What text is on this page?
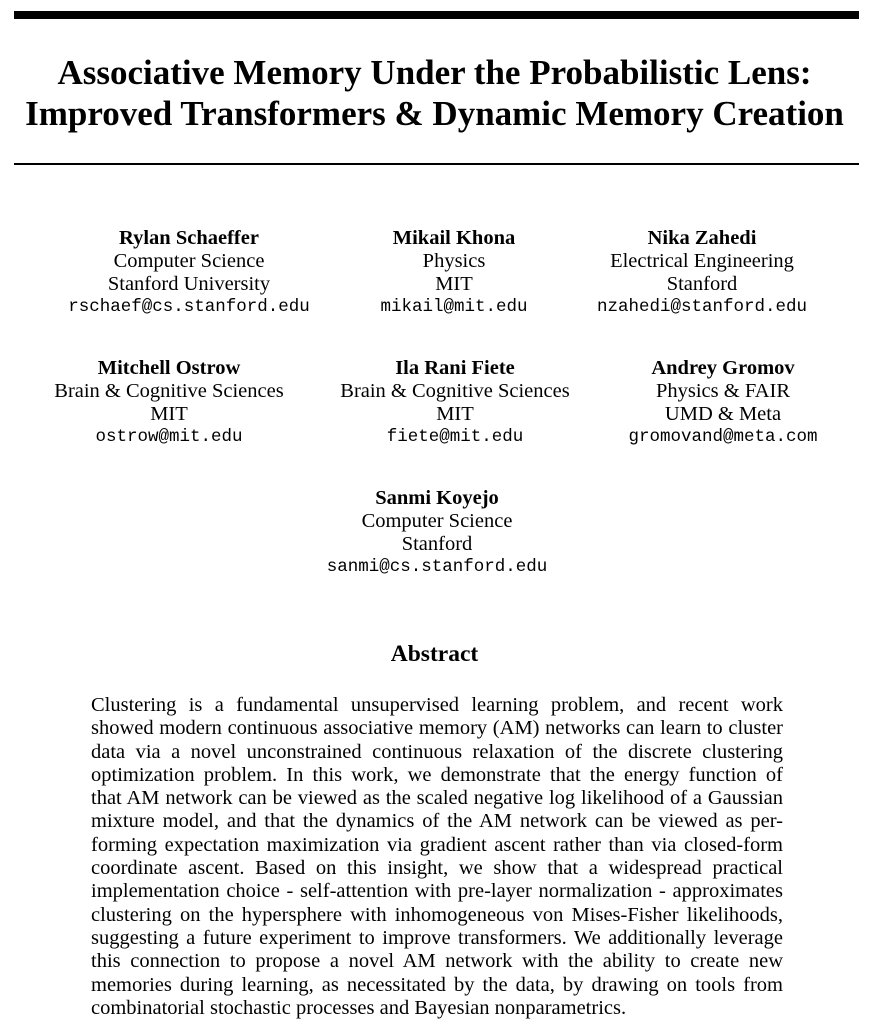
Associative Memory Under the Probabilistic Lens:
Improved Transformers & Dynamic Memory Creation
Rylan Schaeffer
Computer Science
Stanford University
rschaef@cs.stanford.edu
Mikail Khona
Physics
MIT
mikail@mit.edu
Nika Zahedi
Electrical Engineering
Stanford
nzahedi@stanford.edu
Mitchell Ostrow
Brain & Cognitive Sciences
MIT
ostrow@mit.edu
Ila Rani Fiete
Brain & Cognitive Sciences
MIT
fiete@mit.edu
Andrey Gromov
Physics & FAIR
UMD & Meta
gromovand@meta.com
Sanmi Koyejo
Computer Science
Stanford
sanmi@cs.stanford.edu
Abstract

Clustering is a fundamental unsupervised learning problem, and recent work
showed modern continuous associative memory (AM) networks can learn to cluster
data via a novel unconstrained continuous relaxation of the discrete clustering
optimization problem. In this work, we demonstrate that the energy function of
that AM network can be viewed as the scaled negative log likelihood of a Gaussian
mixture model, and that the dynamics of the AM network can be viewed as per-
forming expectation maximization via gradient ascent rather than via closed-form
coordinate ascent. Based on this insight, we show that a widespread practical
implementation choice - self-attention with pre-layer normalization - approximates
clustering on the hypersphere with inhomogeneous von Mises-Fisher likelihoods,
suggesting a future experiment to improve transformers. We additionally leverage
this connection to propose a novel AM network with the ability to create new
memories during learning, as necessitated by the data, by drawing on tools from
combinatorial stochastic processes and Bayesian nonparametrics.
